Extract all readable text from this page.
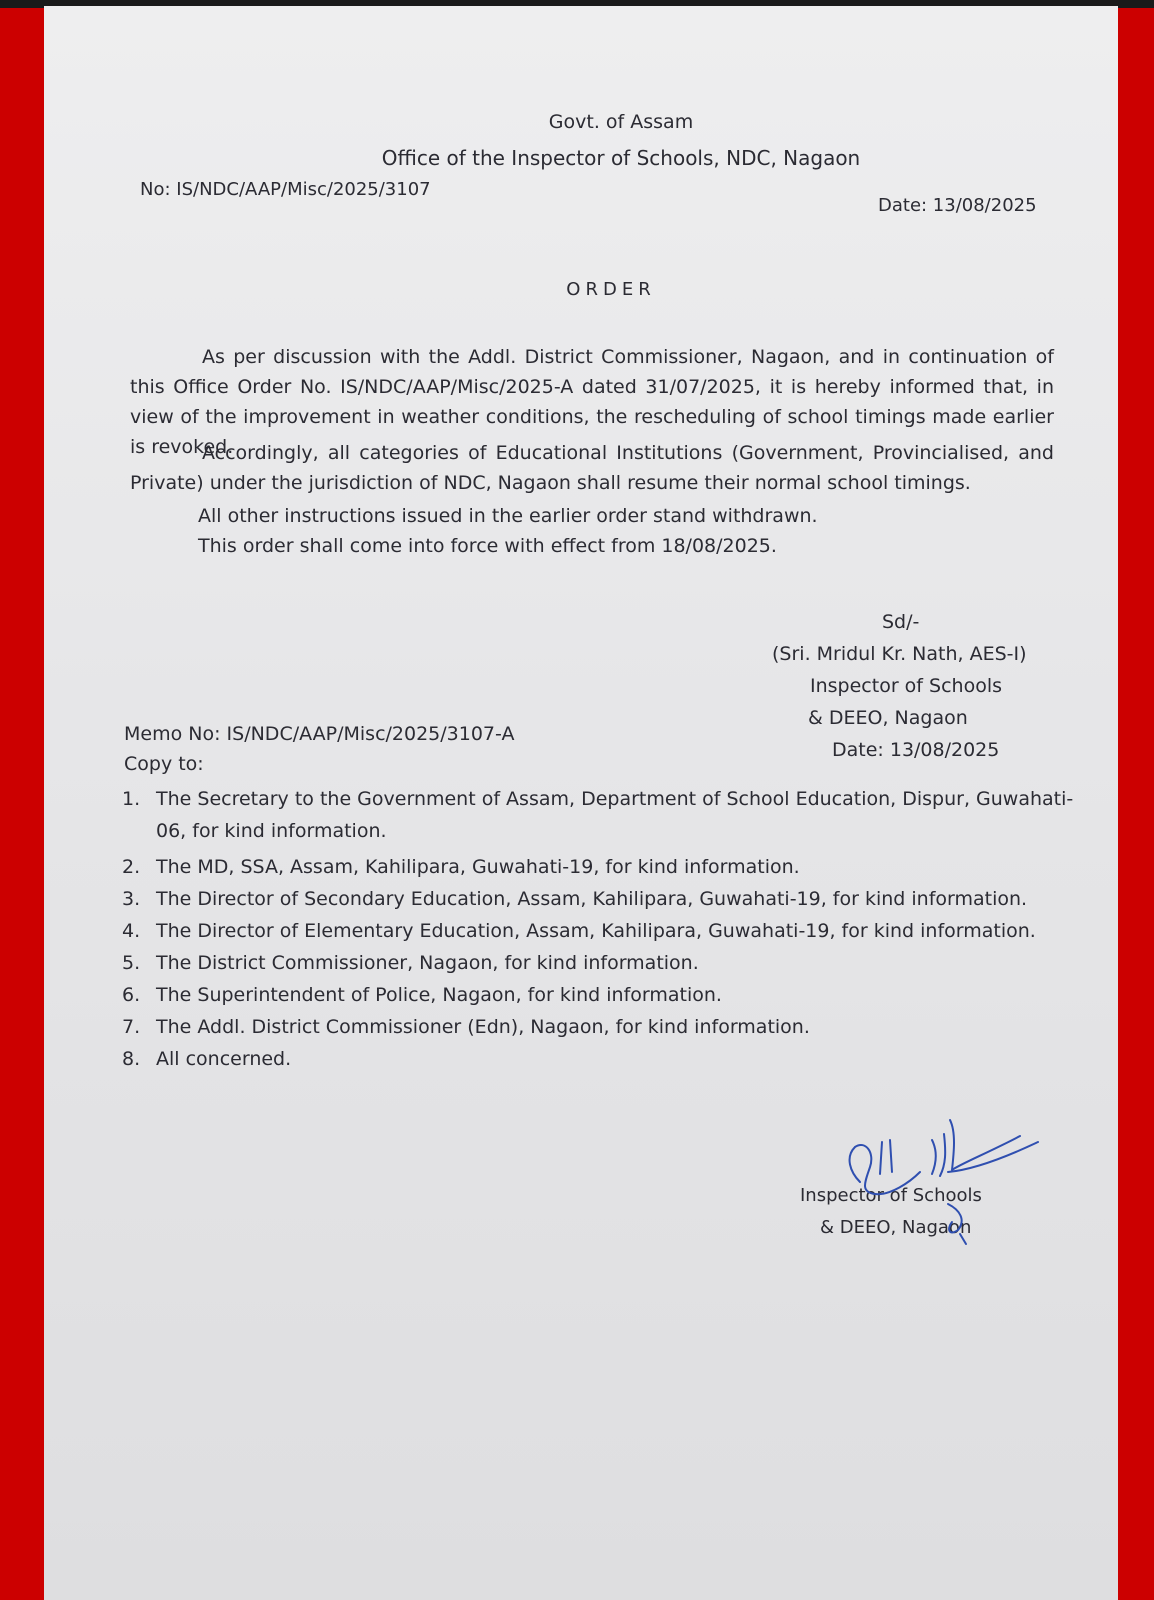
Govt. of Assam
Office of the Inspector of Schools, NDC, Nagaon
No: IS/NDC/AAP/Misc/2025/3107
Date: 13/08/2025
ORDER
As per discussion with the Addl. District Commissioner, Nagaon, and in continuation of this Office Order No. IS/NDC/AAP/Misc/2025-A dated 31/07/2025, it is hereby informed that, in view of the improvement in weather conditions, the rescheduling of school timings made earlier is revoked.
Accordingly, all categories of Educational Institutions (Government, Provincialised, and Private) under the jurisdiction of NDC, Nagaon shall resume their normal school timings.
All other instructions issued in the earlier order stand withdrawn.
This order shall come into force with effect from 18/08/2025.
Sd/-
(Sri. Mridul Kr. Nath, AES-I)
Inspector of Schools
& DEEO, Nagaon
Date: 13/08/2025
Memo No: IS/NDC/AAP/Misc/2025/3107-A
Copy to:
1. The Secretary to the Government of Assam, Department of School Education, Dispur, Guwahati-
06, for kind information.
2. The MD, SSA, Assam, Kahilipara, Guwahati-19, for kind information.
3. The Director of Secondary Education, Assam, Kahilipara, Guwahati-19, for kind information.
4. The Director of Elementary Education, Assam, Kahilipara, Guwahati-19, for kind information.
5. The District Commissioner, Nagaon, for kind information.
6. The Superintendent of Police, Nagaon, for kind information.
7. The Addl. District Commissioner (Edn), Nagaon, for kind information.
8. All concerned.
Inspector of Schools
& DEEO, Nagaon
